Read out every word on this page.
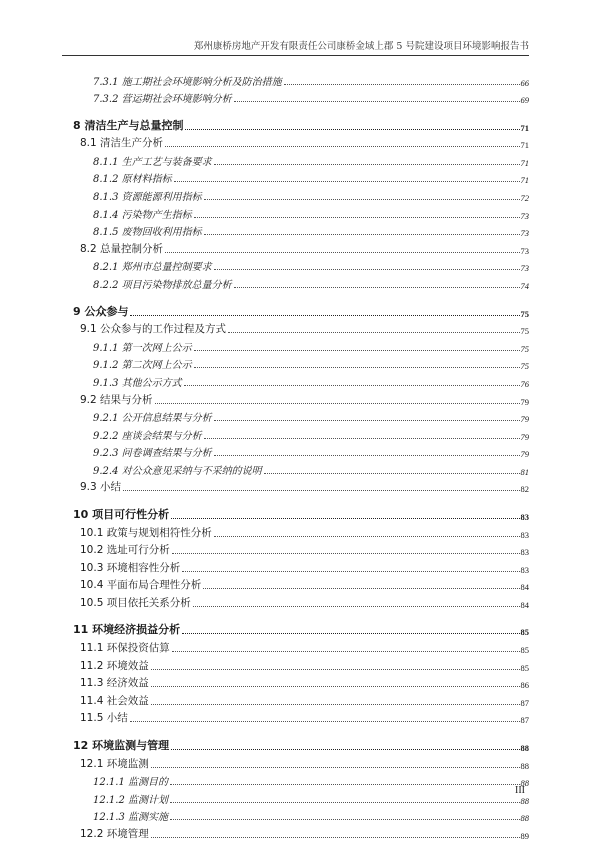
郑州康桥房地产开发有限责任公司康桥金域上郡 5 号院建设项目环境影响报告书
7.3.1 施工期社会环境影响分析及防治措施	66
7.3.2 营运期社会环境影响分析	69
8 清洁生产与总量控制	71
8.1 清洁生产分析	71
8.1.1 生产工艺与装备要求	71
8.1.2 原材料指标	71
8.1.3 资源能源利用指标	72
8.1.4 污染物产生指标	73
8.1.5 废物回收利用指标	73
8.2 总量控制分析	73
8.2.1 郑州市总量控制要求	73
8.2.2 项目污染物排放总量分析	74
9 公众参与	75
9.1 公众参与的工作过程及方式	75
9.1.1 第一次网上公示	75
9.1.2 第二次网上公示	75
9.1.3 其他公示方式	76
9.2 结果与分析	79
9.2.1 公开信息结果与分析	79
9.2.2 座谈会结果与分析	79
9.2.3 问卷调查结果与分析	79
9.2.4 对公众意见采纳与不采纳的说明	81
9.3 小结	82
10 项目可行性分析	83
10.1 政策与规划相符性分析	83
10.2 选址可行分析	83
10.3 环境相容性分析	83
10.4 平面布局合理性分析	84
10.5 项目依托关系分析	84
11 环境经济损益分析	85
11.1 环保投资估算	85
11.2 环境效益	85
11.3 经济效益	86
11.4 社会效益	87
11.5 小结	87
12 环境监测与管理	88
12.1 环境监测	88
12.1.1 监测目的	88
12.1.2 监测计划	88
12.1.3 监测实施	88
12.2 环境管理	89
III
